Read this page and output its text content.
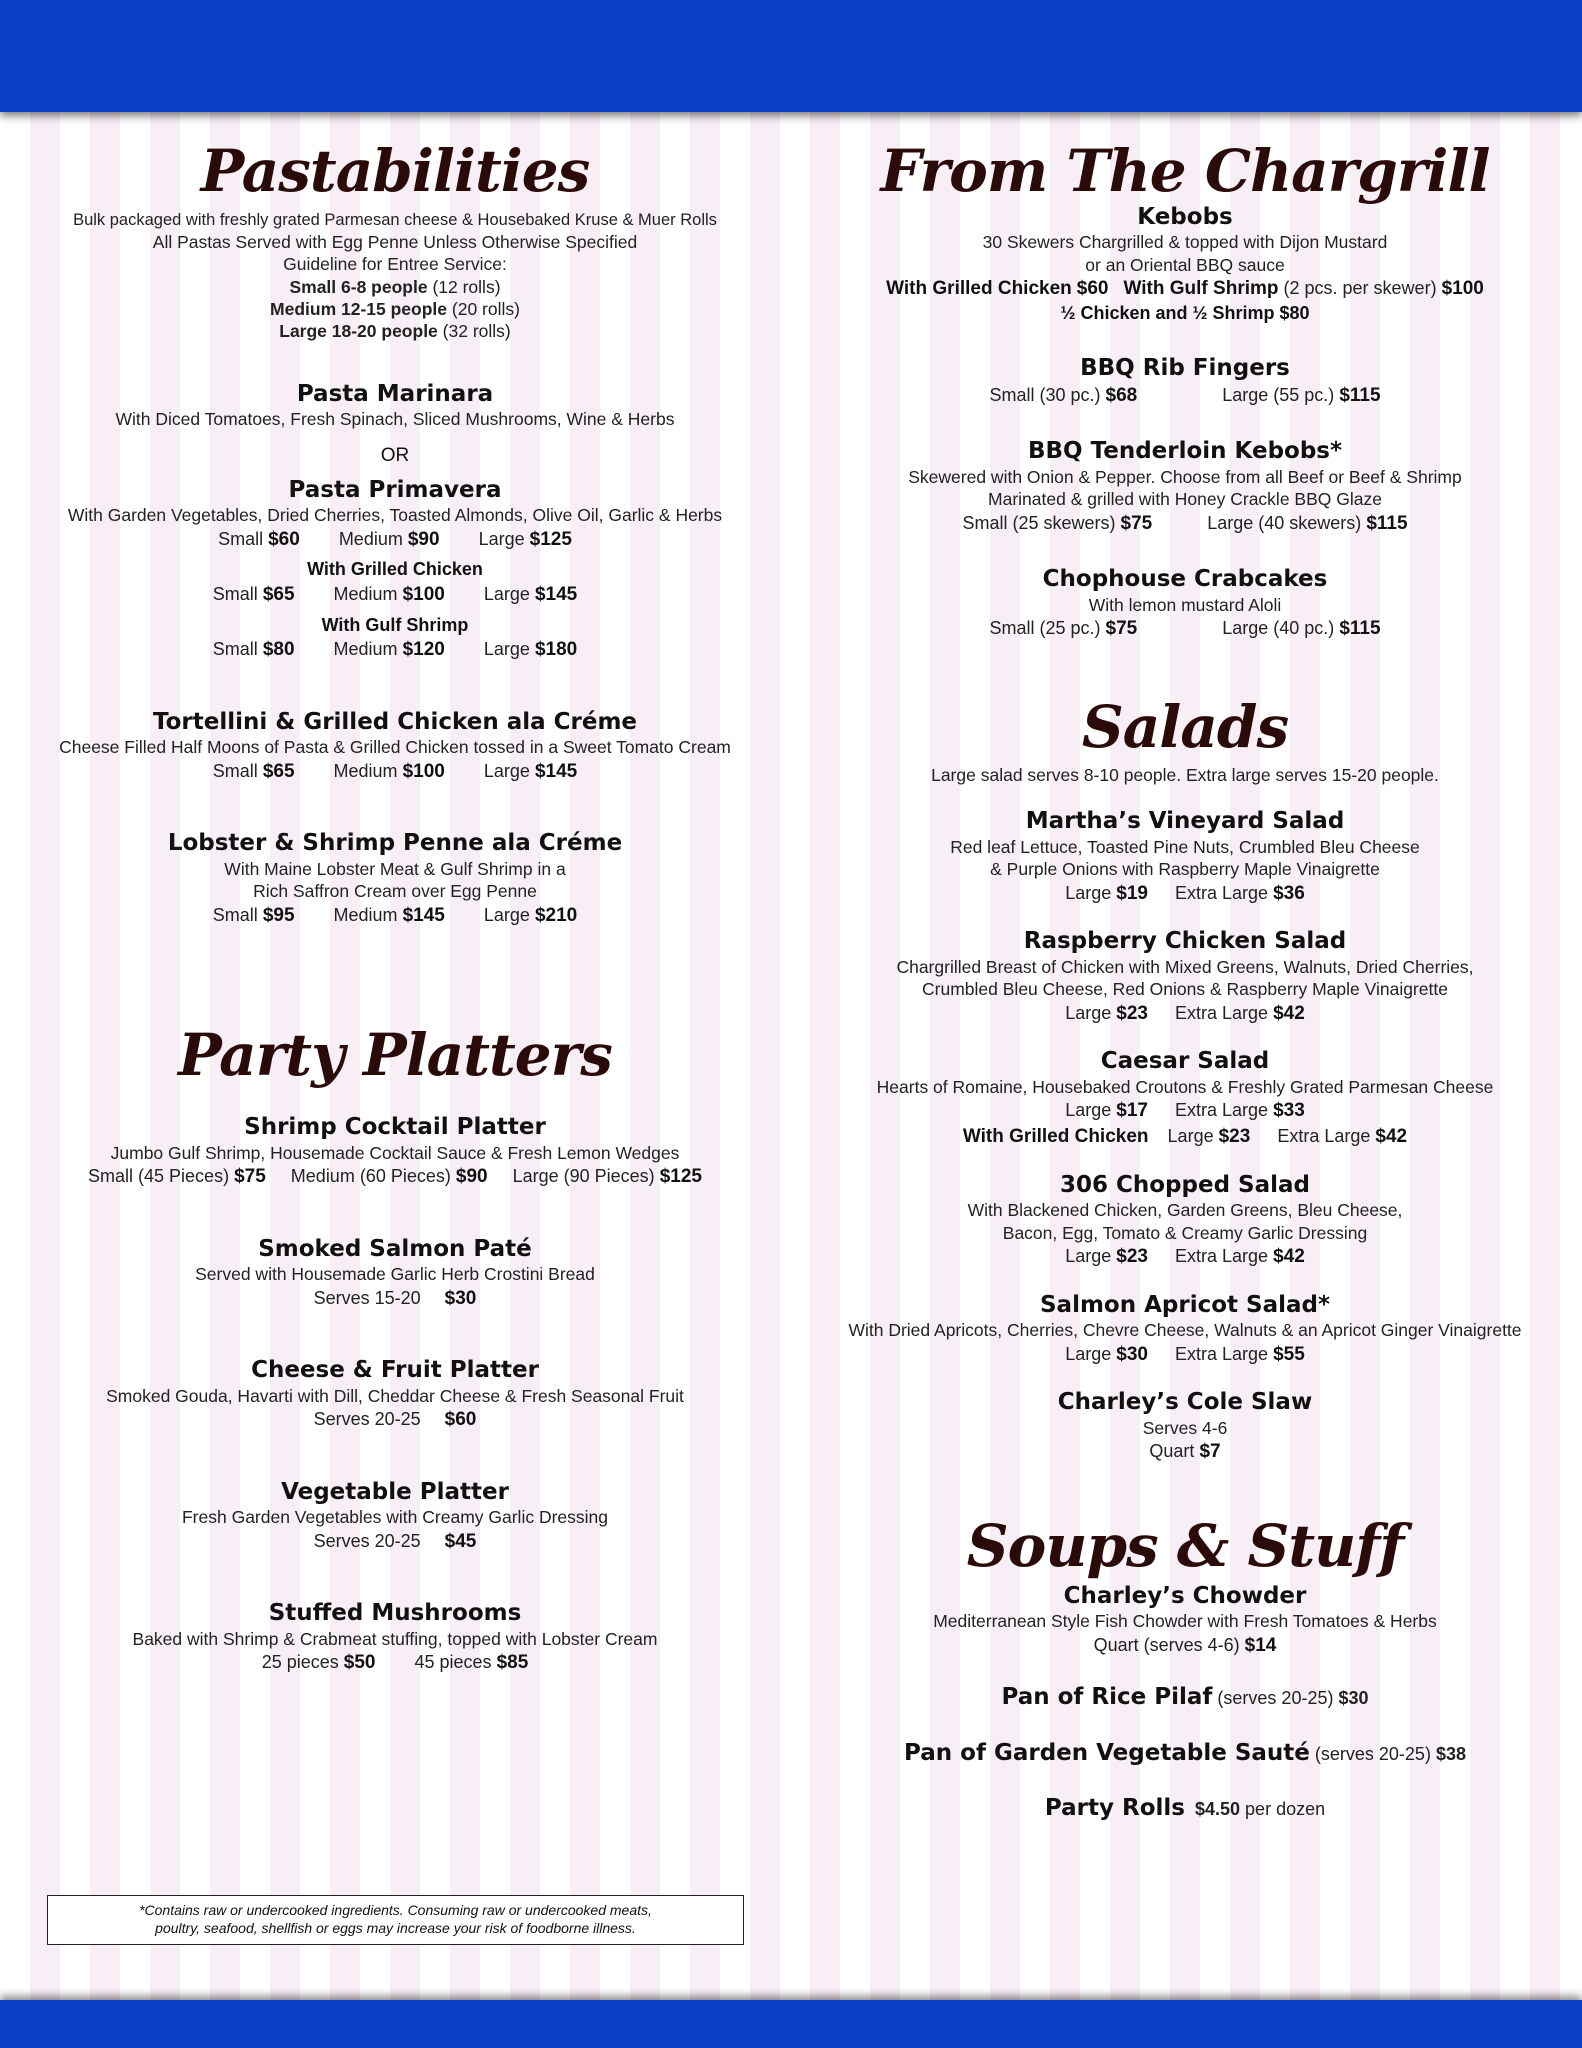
Pastabilities
Bulk packaged with freshly grated Parmesan cheese & Housebaked Kruse & Muer Rolls
All Pastas Served with Egg Penne Unless Otherwise Specified
Guideline for Entree Service:
Small 6-8 people (12 rolls)
Medium 12-15 people (20 rolls)
Large 18-20 people (32 rolls)
Pasta Marinara
With Diced Tomatoes, Fresh Spinach, Sliced Mushrooms, Wine & Herbs
OR
Pasta Primavera
With Garden Vegetables, Dried Cherries, Toasted Almonds, Olive Oil, Garlic & Herbs
Small $60 Medium $90 Large $125
With Grilled Chicken
Small $65 Medium $100 Large $145
With Gulf Shrimp
Small $80 Medium $120 Large $180
Tortellini & Grilled Chicken ala Créme
Cheese Filled Half Moons of Pasta & Grilled Chicken tossed in a Sweet Tomato Cream
Small $65 Medium $100 Large $145
Lobster & Shrimp Penne ala Créme
With Maine Lobster Meat & Gulf Shrimp in a
Rich Saffron Cream over Egg Penne
Small $95 Medium $145 Large $210
Party Platters
Shrimp Cocktail Platter
Jumbo Gulf Shrimp, Housemade Cocktail Sauce & Fresh Lemon Wedges
Small (45 Pieces) $75 Medium (60 Pieces) $90 Large (90 Pieces) $125
Smoked Salmon Paté
Served with Housemade Garlic Herb Crostini Bread
Serves 15-20 $30
Cheese & Fruit Platter
Smoked Gouda, Havarti with Dill, Cheddar Cheese & Fresh Seasonal Fruit
Serves 20-25 $60
Vegetable Platter
Fresh Garden Vegetables with Creamy Garlic Dressing
Serves 20-25 $45
Stuffed Mushrooms
Baked with Shrimp & Crabmeat stuffing, topped with Lobster Cream
25 pieces $50 45 pieces $85
*Contains raw or undercooked ingredients. Consuming raw or undercooked meats,
poultry, seafood, shellfish or eggs may increase your risk of foodborne illness.
From The Chargrill
Kebobs
30 Skewers Chargrilled & topped with Dijon Mustard
or an Oriental BBQ sauce
With Grilled Chicken $60 With Gulf Shrimp (2 pcs. per skewer) $100
½ Chicken and ½ Shrimp $80
BBQ Rib Fingers
Small (30 pc.) $68	Large (55 pc.) $115
BBQ Tenderloin Kebobs*
Skewered with Onion & Pepper. Choose from all Beef or Beef & Shrimp
Marinated & grilled with Honey Crackle BBQ Glaze
Small (25 skewers) $75	Large (40 skewers) $115
Chophouse Crabcakes
With lemon mustard Aloli
Small (25 pc.) $75	Large (40 pc.) $115
Salads
Large salad serves 8-10 people. Extra large serves 15-20 people.
Martha’s Vineyard Salad
Red leaf Lettuce, Toasted Pine Nuts, Crumbled Bleu Cheese
& Purple Onions with Raspberry Maple Vinaigrette
Large $19 Extra Large $36
Raspberry Chicken Salad
Chargrilled Breast of Chicken with Mixed Greens, Walnuts, Dried Cherries,
Crumbled Bleu Cheese, Red Onions & Raspberry Maple Vinaigrette
Large $23 Extra Large $42
Caesar Salad
Hearts of Romaine, Housebaked Croutons & Freshly Grated Parmesan Cheese
Large $17 Extra Large $33
With Grilled Chicken Large $23 Extra Large $42
306 Chopped Salad
With Blackened Chicken, Garden Greens, Bleu Cheese,
Bacon, Egg, Tomato & Creamy Garlic Dressing
Large $23 Extra Large $42
Salmon Apricot Salad*
With Dried Apricots, Cherries, Chevre Cheese, Walnuts & an Apricot Ginger Vinaigrette
Large $30 Extra Large $55
Charley’s Cole Slaw
Serves 4-6
Quart $7
Soups & Stuff
Charley’s Chowder
Mediterranean Style Fish Chowder with Fresh Tomatoes & Herbs
Quart (serves 4-6) $14
Pan of Rice Pilaf (serves 20-25) $30
Pan of Garden Vegetable Sauté (serves 20-25) $38
Party Rolls $4.50 per dozen
